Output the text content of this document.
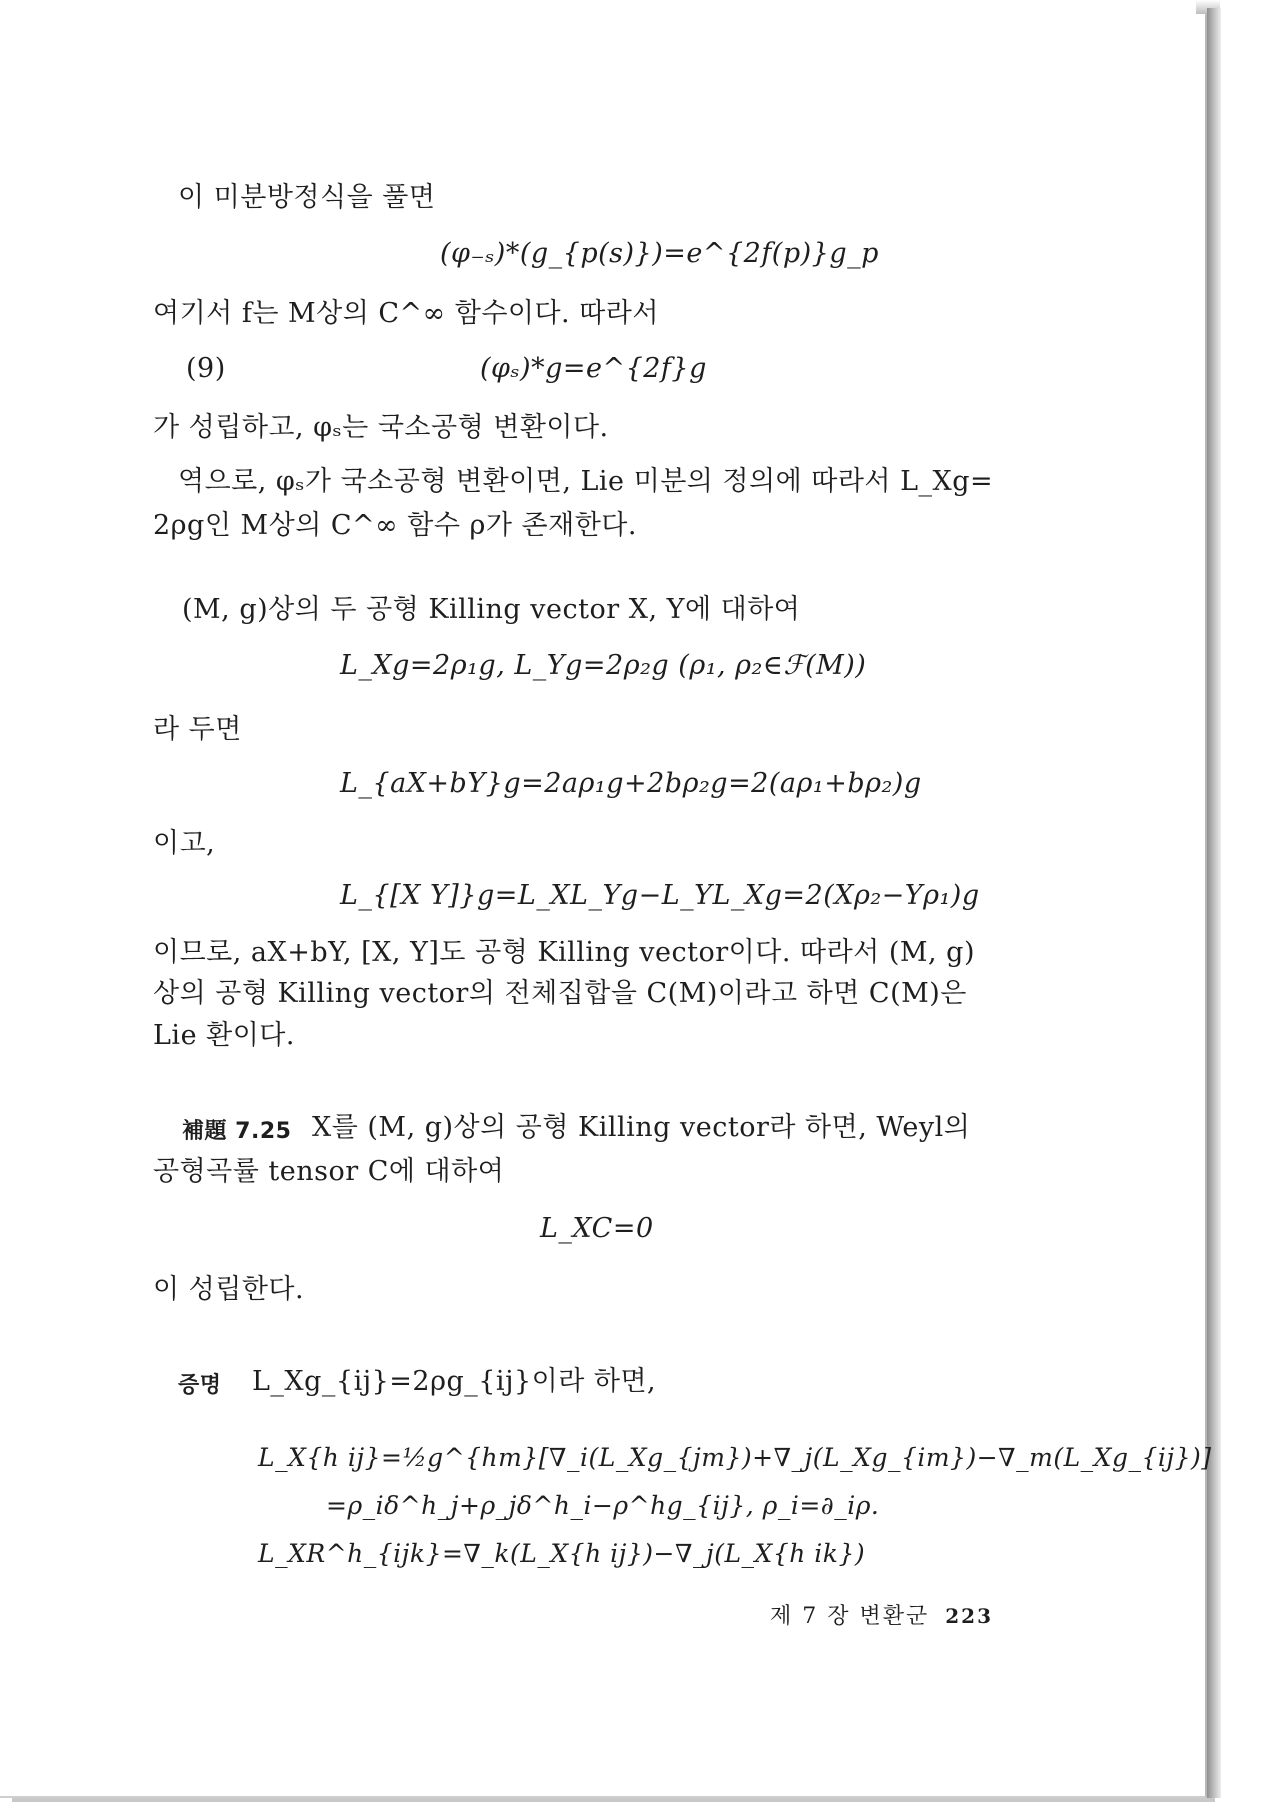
이 미분방정식을 풀면
(φ₋ₛ)*(g_{p(s)})=e^{2f(p)}g_p
여기서 f는 M상의 C^∞ 함수이다. 따라서
(9)	(φₛ)*g=e^{2f}g
가 성립하고, φₛ는 국소공형 변환이다.
역으로, φₛ가 국소공형 변환이면, Lie 미분의 정의에 따라서 L_Xg=
2ρg인 M상의 C^∞ 함수 ρ가 존재한다.
(M, g)상의 두 공형 Killing vector X, Y에 대하여
L_Xg=2ρ₁g, L_Yg=2ρ₂g (ρ₁, ρ₂∈ℱ(M))
라 두면
L_{aX+bY}g=2aρ₁g+2bρ₂g=2(aρ₁+bρ₂)g
이고,
L_{[X Y]}g=L_XL_Yg−L_YL_Xg=2(Xρ₂−Yρ₁)g
이므로, aX+bY, [X, Y]도 공형 Killing vector이다. 따라서 (M, g)
상의 공형 Killing vector의 전체집합을 C(M)이라고 하면 C(M)은
Lie 환이다.
補題 7.25 X를 (M, g)상의 공형 Killing vector라 하면, Weyl의
공형곡률 tensor C에 대하여
L_XC=0
이 성립한다.
증명 L_Xg_{ij}=2ρg_{ij}이라 하면,
L_X{h ij}=½g^{hm}[∇_i(L_Xg_{jm})+∇_j(L_Xg_{im})−∇_m(L_Xg_{ij})]
=ρ_iδ^h_j+ρ_jδ^h_i−ρ^hg_{ij}, ρ_i=∂_iρ.
L_XR^h_{ijk}=∇_k(L_X{h ij})−∇_j(L_X{h ik})
제 7 장 변환군 223
